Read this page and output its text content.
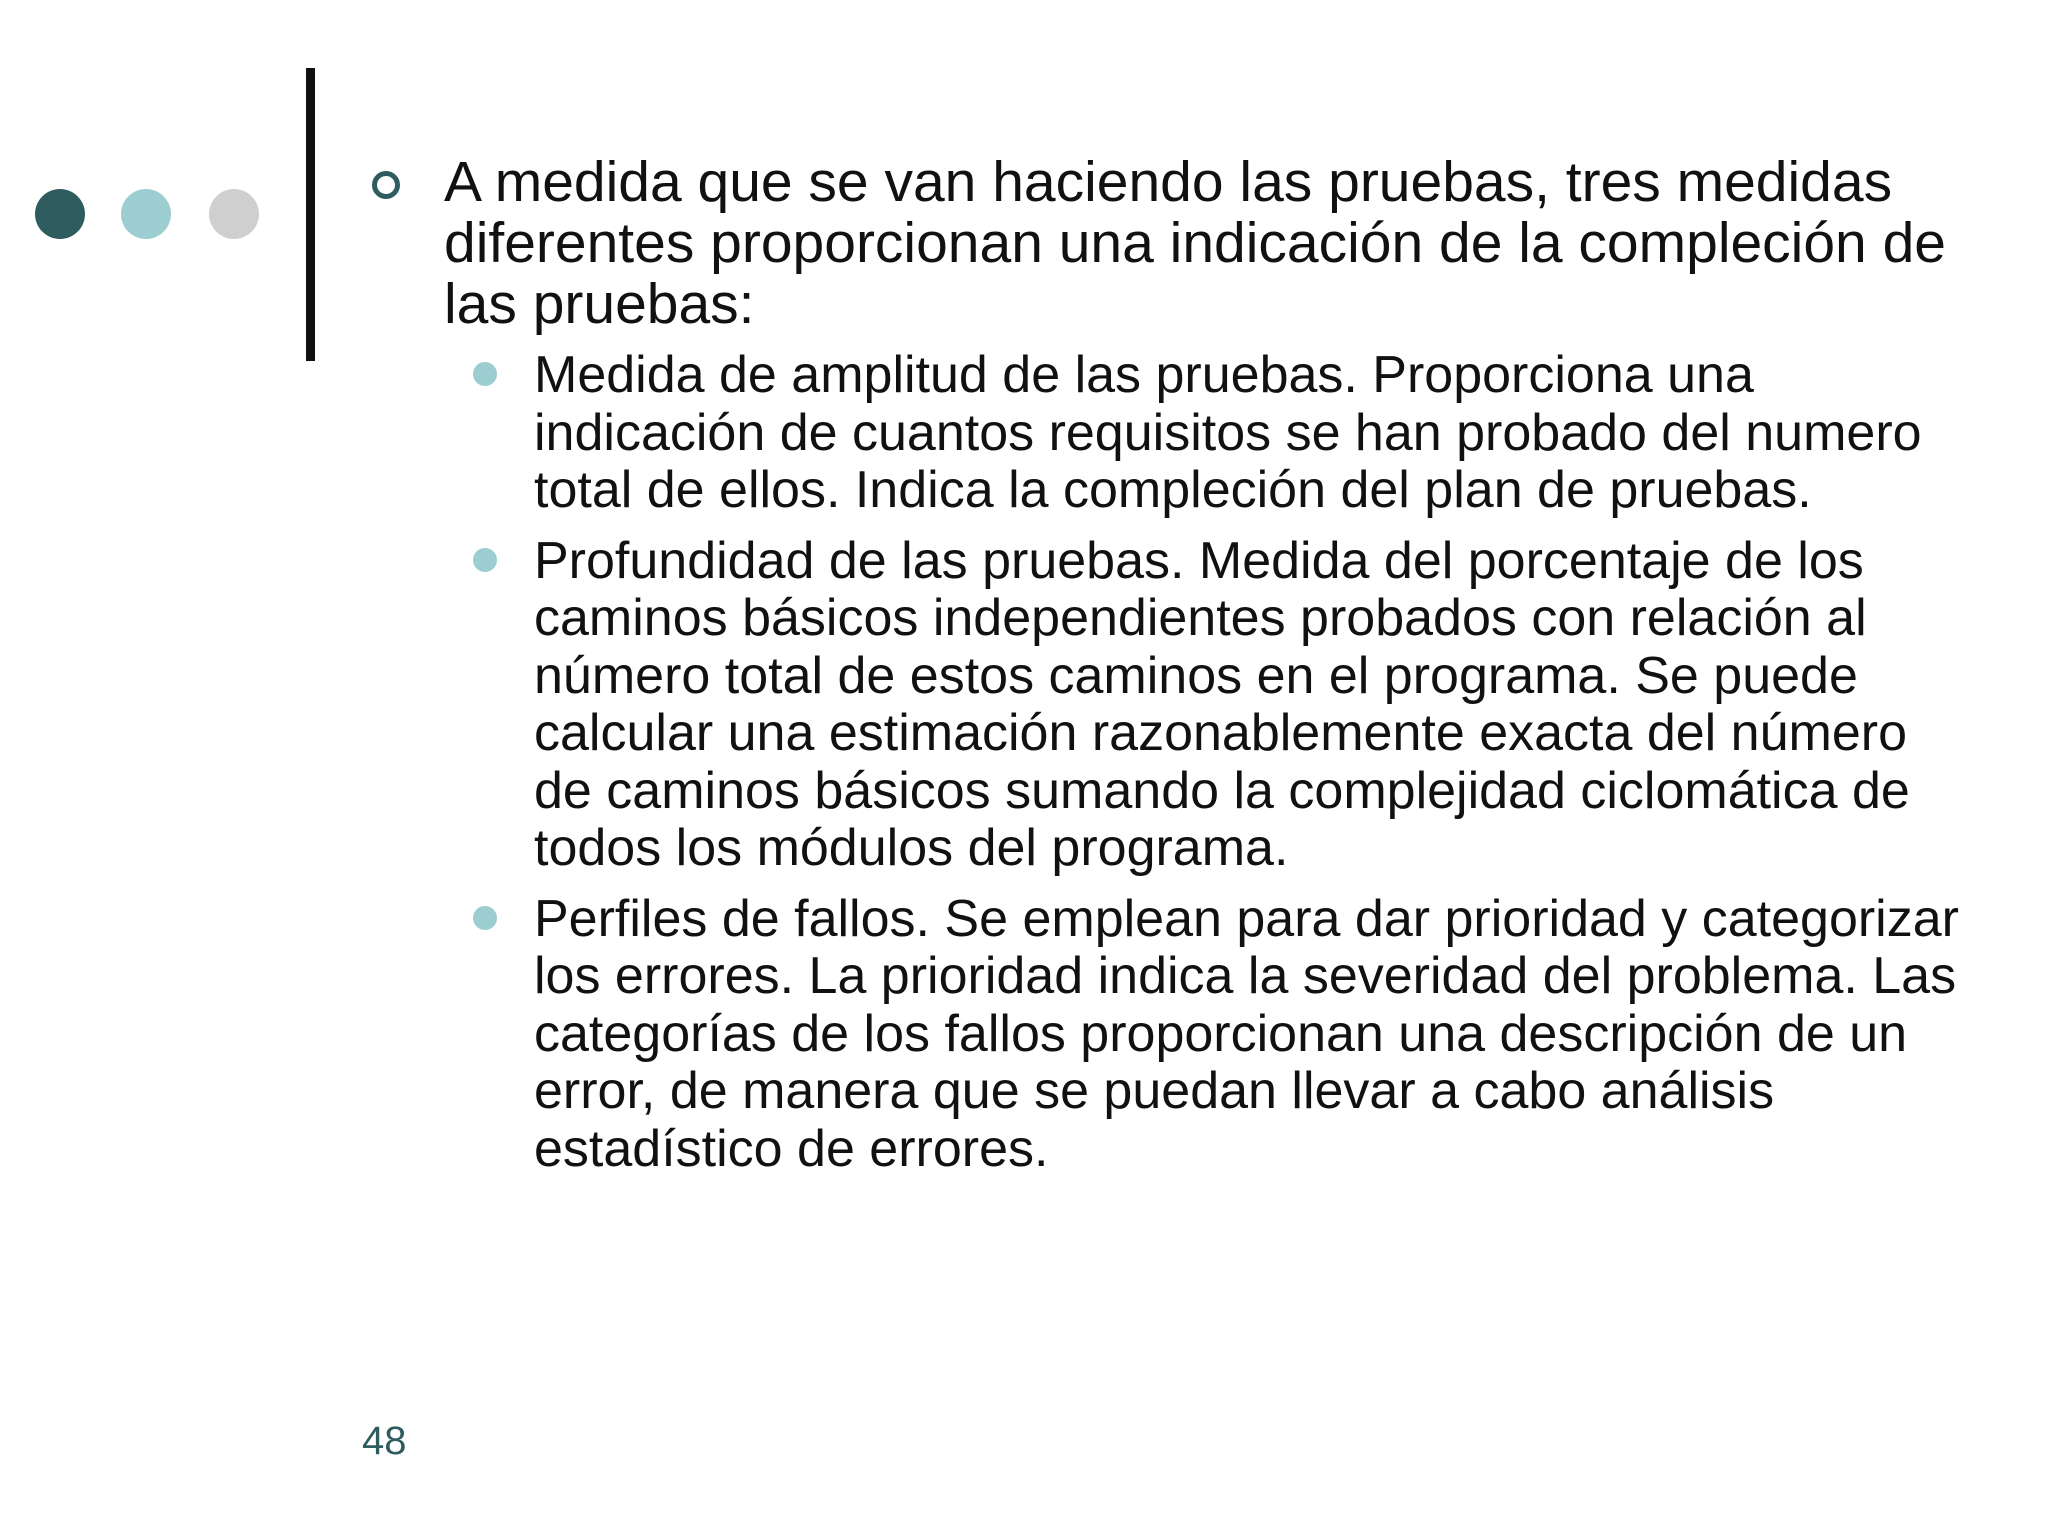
A medida que se van haciendo las pruebas, tres medidas diferentes proporcionan una indicación de la compleción de las pruebas:
Medida de amplitud de las pruebas. Proporciona una indicación de cuantos requisitos se han probado del numero total de ellos. Indica la compleción del plan de pruebas.
Profundidad de las pruebas. Medida del porcentaje de los caminos básicos independientes probados con relación al número total de estos caminos en el programa. Se puede calcular una estimación razonablemente exacta del número de caminos básicos sumando la complejidad ciclomática de todos los módulos del programa.
Perfiles de fallos. Se emplean para dar prioridad y categorizar los errores. La prioridad indica la severidad del problema. Las categorías de los fallos proporcionan una descripción de un error, de manera que se puedan llevar a cabo análisis estadístico de errores.
48
